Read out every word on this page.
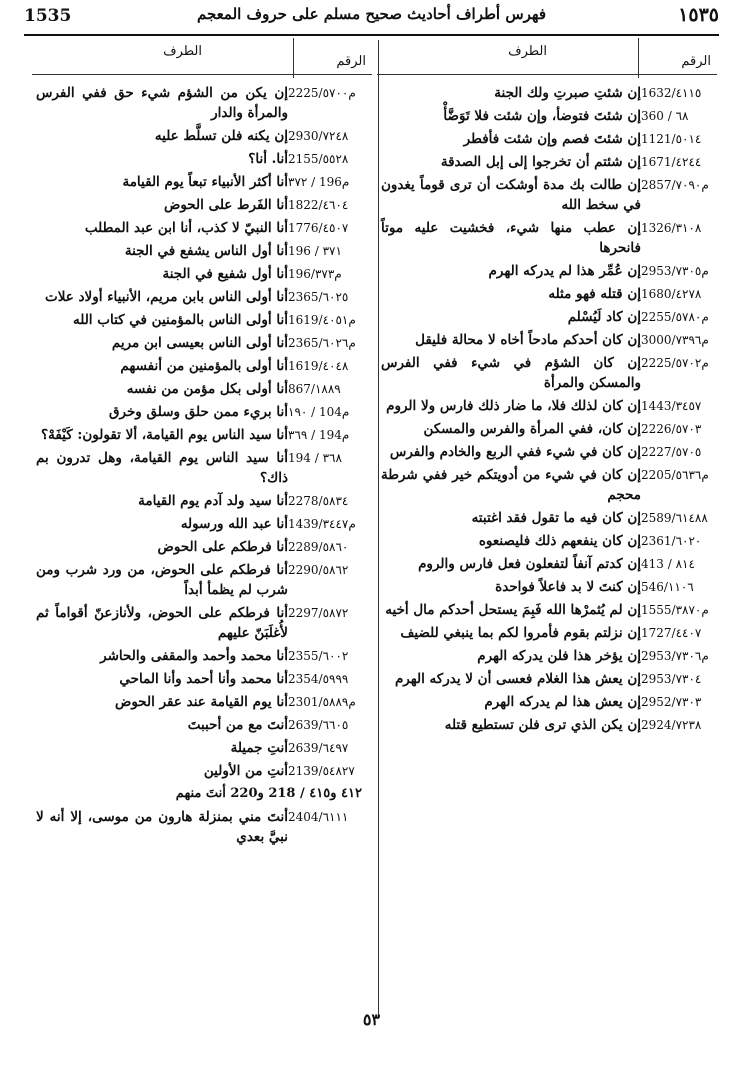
1535	فهرس أطراف أحاديث صحيح مسلم على حروف المعجم	١٥٣٥
الرقم
الطرف
1632/٤١١٥
إن شئتِ صبرتِ ولك الجنة
360 / ٦٨
إن شئتَ فتوضأ، وإن شئت فلا تَوَضَّأْ
1121/٥٠١٤
إن شئتَ فصم وإن شئت فأفطر
1671/٤٢٤٤
إن شئتم أن تخرجوا إلى إبل الصدقة
م2857/٧٠٩٠
إن طالت بك مدة أوشكت أن ترى قوماً يغدون في سخط الله
1326/٣١٠٨
إن عطب منها شيء، فخشيت عليه موتاً فانحرها
م2953/٧٣٠٥
إن عُمِّر هذا لم يدركه الهرم
1680/٤٢٧٨
إن قتله فهو مثله
م2255/٥٧٨٠
إن كاد لَيُسْلم
م3000/٧٣٩٦
إن كان أحدكم مادحاً أخاه لا محالة فليقل
م2225/٥٧٠٢
إن كان الشؤم في شيء ففي الفرس والمسكن والمرأة
1443/٣٤٥٧
إن كان لذلك فلا، ما ضار ذلك فارس ولا الروم
2226/٥٧٠٣
إن كان، ففي المرأة والفرس والمسكن
2227/٥٧٠٥
إن كان في شيء ففي الربع والخادم والفرس
م2205/٥٦٣٦
إن كان في شيء من أدويتكم خير ففي شرطة محجم
2589/٦١٤٨٨
إن كان فيه ما تقول فقد اغتبته
2361/٦٠٢٠
إن كان ينفعهم ذلك فليصنعوه
413 / ٨١٤
إن كدتم آنفاً لتفعلون فعل فارس والروم
546/١١٠٦
إن كنتَ لا بد فاعلاً فواحدة
م1555/٣٨٧٠
إن لم يُثمرْها الله فَبِمَ يستحل أحدكم مال أخيه
1727/٤٤٠٧
إن نزلتم بقوم فأمروا لكم بما ينبغي للضيف
م2953/٧٣٠٦
إن يؤخر هذا فلن يدركه الهرم
2953/٧٣٠٤
إن يعش هذا الغلام فعسى أن لا يدركه الهرم
2952/٧٣٠٣
إن يعش هذا لم يدركه الهرم
2924/٧٢٣٨
إن يكن الذي ترى فلن تستطيع قتله
الرقم
الطرف
م2225/٥٧٠٠
إن يكن من الشؤم شيء حق ففي الفرس والمرأة والدار
2930/٧٢٤٨
إن يكنه فلن تسلَّط عليه
2155/٥٥٢٨
أنا. أنا؟
م196 / ٣٧٢
أنا أكثر الأنبياء تبعاً يوم القيامة
1822/٤٦٠٤
أنا الفَرط على الحوض
1776/٤٥٠٧
أنا النبيّ لا كذب، أنا ابن عبد المطلب
196 / ٣٧١
أنا أول الناس يشفع في الجنة
م196/٣٧٣
أنا أول شفيع في الجنة
2365/٦٠٢٥
أنا أولى الناس بابن مريم، الأنبياء أولاد علات
م1619/٤٠٥١
أنا أولى الناس بالمؤمنين في كتاب الله
م2365/٦٠٢٦
أنا أولى الناس بعيسى ابن مريم
1619/٤٠٤٨
أنا أولى بالمؤمنين من أنفسهم
867/١٨٨٩
أنا أولى بكل مؤمن من نفسه
م104 / ١٩٠
أنا بريء ممن حلق وسلق وخرق
م194 / ٣٦٩
أنا سيد الناس يوم القيامة، ألا تقولون: كَيْفَهْ؟
194 / ٣٦٨
أنا سيد الناس يوم القيامة، وهل تدرون بم ذاك؟
2278/٥٨٣٤
أنا سيد ولد آدم يوم القيامة
م1439/٣٤٤٧
أنا عبد الله ورسوله
2289/٥٨٦٠
أنا فرطكم على الحوض
2290/٥٨٦٢
أنا فرطكم على الحوض، من ورد شرب ومن شرب لم يظمأ أبداً
2297/٥٨٧٢
أنا فرطكم على الحوض، ولأنازعنّ أقواماً ثم لأُغلَبَنّ عليهم
2355/٦٠٠٢
أنا محمد وأحمد والمقفى والحاشر
2354/٥٩٩٩
أنا محمد وأنا أحمد وأنا الماحي
م2301/٥٨٨٩
أنا يوم القيامة عند عقر الحوض
2639/٦٦٠٥
أنتَ مع من أحببتَ
2639/٦٤٩٧
أنتِ جميلة
2139/٥٤٨٢٧
أنتِ من الأولين
٤١٢ و٤١٥ / 218 و220 أنتَ منهم
2404/٦١١١
أنتَ مني بمنزلة هارون من موسى، إلا أنه لا نبيَّ بعدي
٥٣
